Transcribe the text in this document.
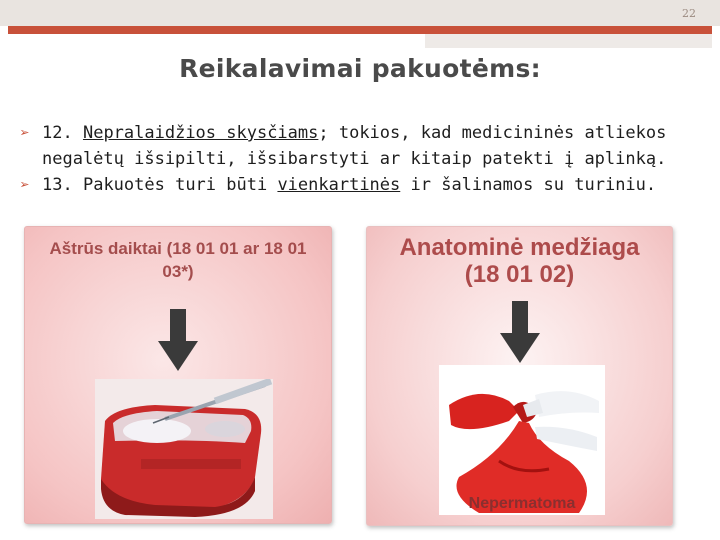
22
Reikalavimai pakuotėms:
➢ 12. Nepralaidžios skysčiams; tokios, kad medicininės atliekos negalėtų išsipilti, išsibarstyti ar kitaip patekti į aplinką.
➢ 13. Pakuotės turi būti vienkartinės ir šalinamos su turiniu.
Aštrūs daiktai (18 01 01 ar 18 01 03*)
Anatominė medžiaga (18 01 02)
Nepermatoma
